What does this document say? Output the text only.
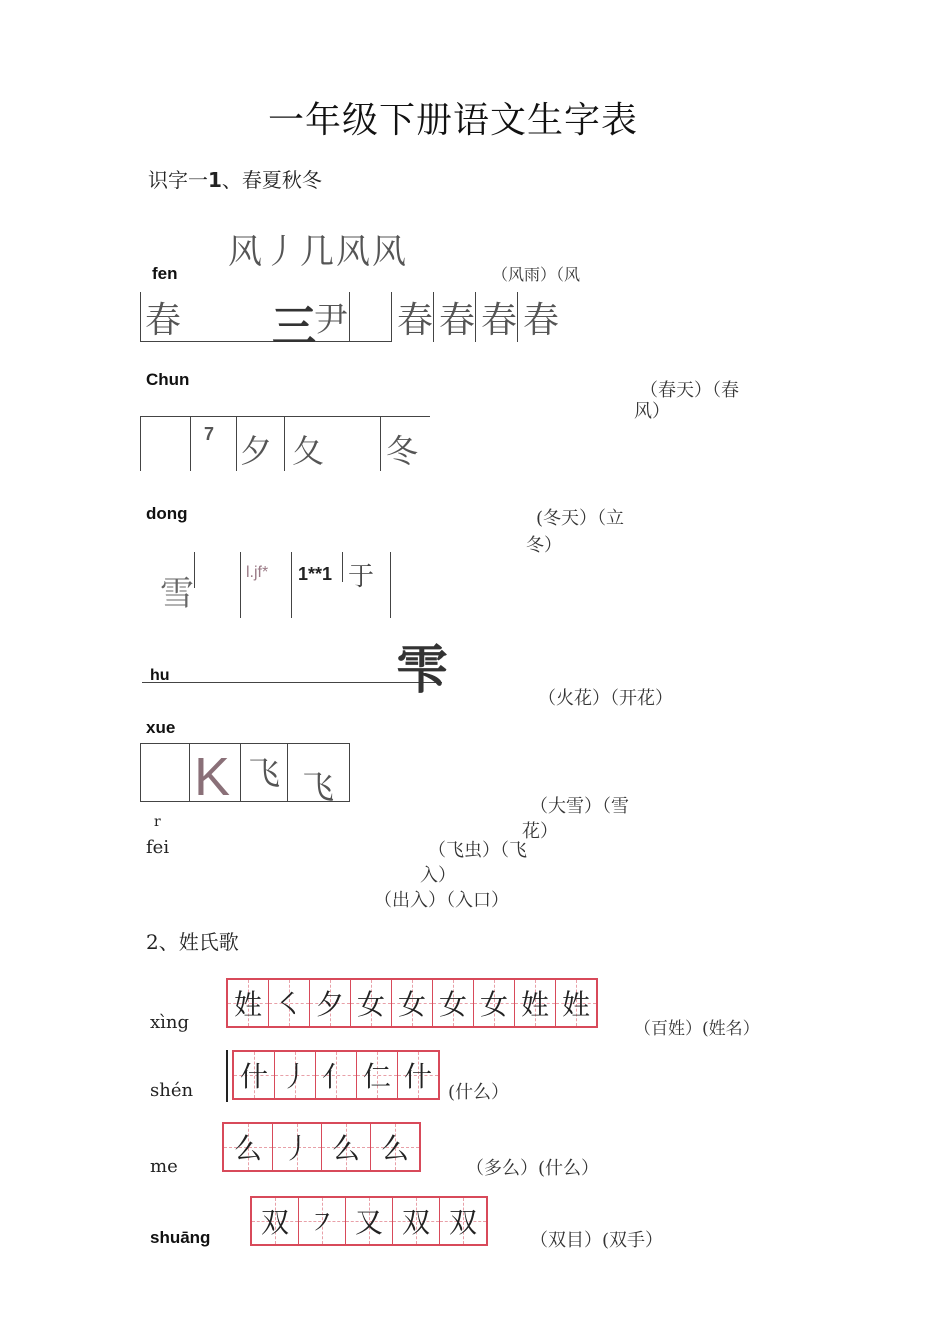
一年级下册语文生字表
识字一1、春夏秋冬
风丿几风风
fen	（风雨）（风
春 三
尹 春 春 春 春
Chun
（春天）（春
风）
7 夕 夂 冬
dong	(冬天）（立
冬）
雪
l.jf* 1**1 于
雫
hu
（火花）（开花）
xue
K 飞 飞
（大雪）（雪
花）
r
fei	（飞虫）（飞
入）
（出入）（入口）
2、姓氏歌
xìng
姓 ㇛ 夕 女 女 女 女 姓 姓
（百姓）(姓名）
shén 什 丿 亻 仁 什 (什么）
me
么 丿 么 么
（多么）(什么）
shuāng 双 ㇇ 又 双 双
（双目）(双手）
